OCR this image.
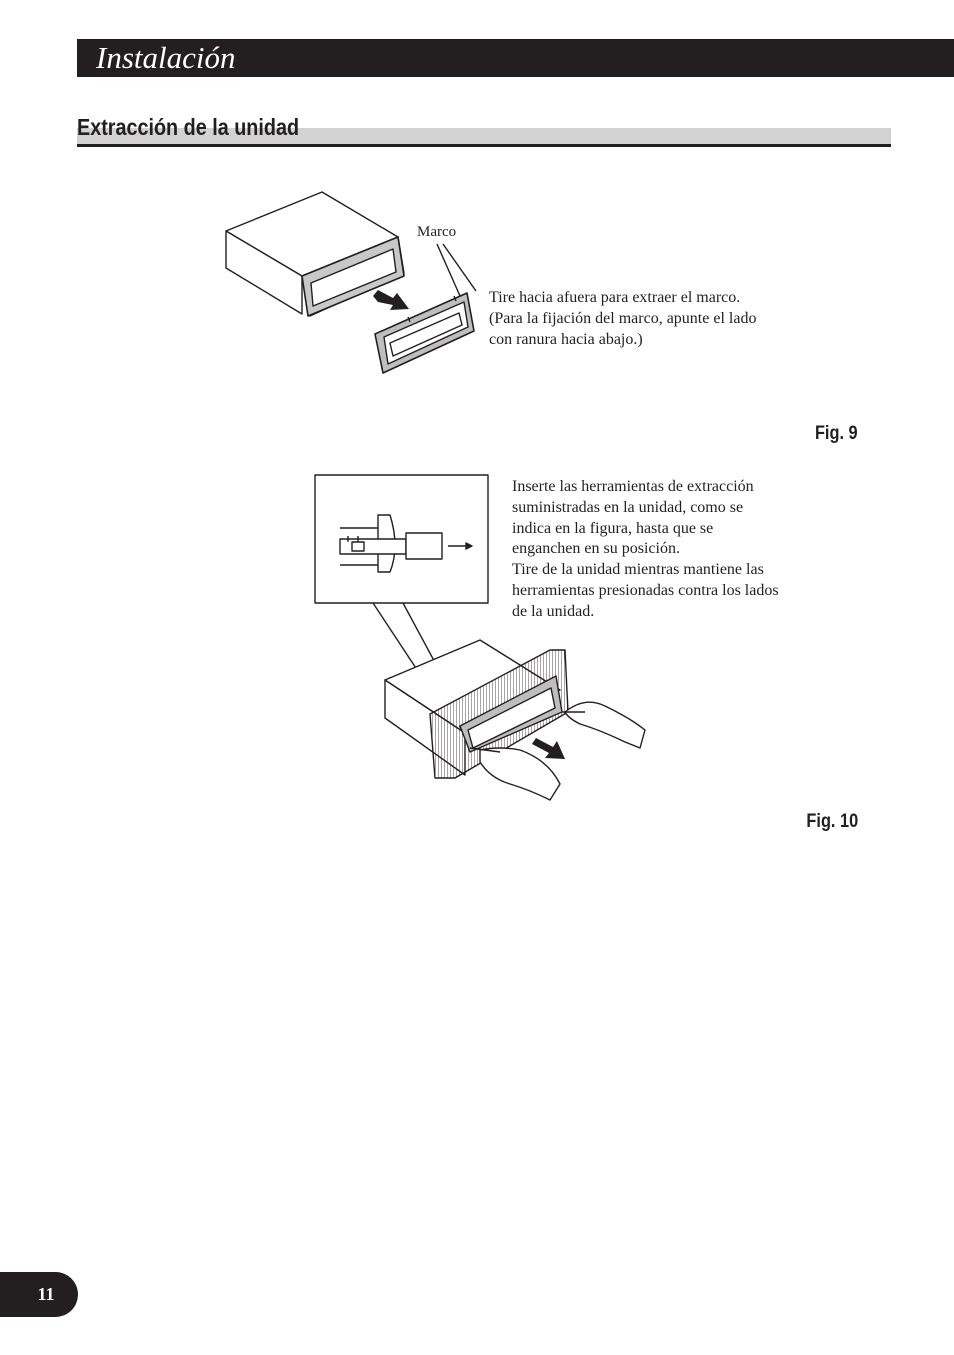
Instalación
Extracción de la unidad
Marco

Tire hacia afuera para extraer el marco.
(Para la fijación del marco, apunte el lado
con ranura hacia abajo.)

Fig. 9

Inserte las herramientas de extracción
suministradas en la unidad, como se
indica en la figura, hasta que se
enganchen en su posición.
Tire de la unidad mientras mantiene las
herramientas presionadas contra los lados
de la unidad.

Fig. 10
11
